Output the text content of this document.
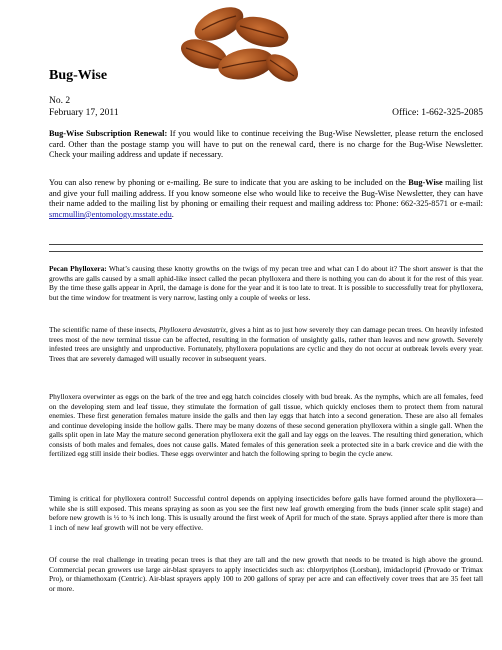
Bug-Wise
No. 2
February 17, 2011	Office: 1-662-325-2085

Bug-Wise Subscription Renewal: If you would like to continue receiving the Bug-Wise Newsletter, please return the enclosed card. Other than the postage stamp you will have to put on the renewal card, there is no charge for the Bug-Wise Newsletter. Check your mailing address and update if necessary.

You can also renew by phoning or e-mailing. Be sure to indicate that you are asking to be included on the Bug-Wise mailing list and give your full mailing address. If you know someone else who would like to receive the Bug-Wise Newsletter, they can have their name added to the mailing list by phoning or emailing their request and mailing address to: Phone: 662-325-8571 or e-mail: smcmullin@entomology.msstate.edu.

Pecan Phylloxera: What’s causing these knotty growths on the twigs of my pecan tree and what can I do about it? The short answer is that the growths are galls caused by a small aphid-like insect called the pecan phylloxera and there is nothing you can do about it for the rest of this year. By the time these galls appear in April, the damage is done for the year and it is too late to treat. It is possible to successfully treat for phylloxera, but the time window for treatment is very narrow, lasting only a couple of weeks or less.

The scientific name of these insects, Phylloxera devastatrix, gives a hint as to just how severely they can damage pecan trees. On heavily infested trees most of the new terminal tissue can be affected, resulting in the formation of unsightly galls, rather than leaves and new growth. Severely infested trees are unsightly and unproductive. Fortunately, phylloxera populations are cyclic and they do not occur at outbreak levels every year. Trees that are severely damaged will usually recover in subsequent years.

Phylloxera overwinter as eggs on the bark of the tree and egg hatch coincides closely with bud break. As the nymphs, which are all females, feed on the developing stem and leaf tissue, they stimulate the formation of gall tissue, which quickly encloses them to protect them from natural enemies. These first generation females mature inside the galls and then lay eggs that hatch into a second generation. These are also all females and continue developing inside the hollow galls. There may be many dozens of these second generation phylloxera within a single gall. When the galls split open in late May the mature second generation phylloxera exit the gall and lay eggs on the leaves. The resulting third generation, which consists of both males and females, does not cause galls. Mated females of this generation seek a protected site in a bark crevice and die with the fertilized egg still inside their bodies. These eggs overwinter and hatch the following spring to begin the cycle anew.

Timing is critical for phylloxera control! Successful control depends on applying insecticides before galls have formed around the phylloxera—while she is still exposed. This means spraying as soon as you see the first new leaf growth emerging from the buds (inner scale split stage) and before new growth is ½ to ¾ inch long. This is usually around the first week of April for much of the state. Sprays applied after there is more than 1 inch of new leaf growth will not be very effective.

Of course the real challenge in treating pecan trees is that they are tall and the new growth that needs to be treated is high above the ground. Commercial pecan growers use large air-blast sprayers to apply insecticides such as: chlorpyriphos (Lorsban), imidacloprid (Provado or Trimax Pro), or thiamethoxam (Centric). Air-blast sprayers apply 100 to 200 gallons of spray per acre and can effectively cover trees that are 35 feet tall or more.
